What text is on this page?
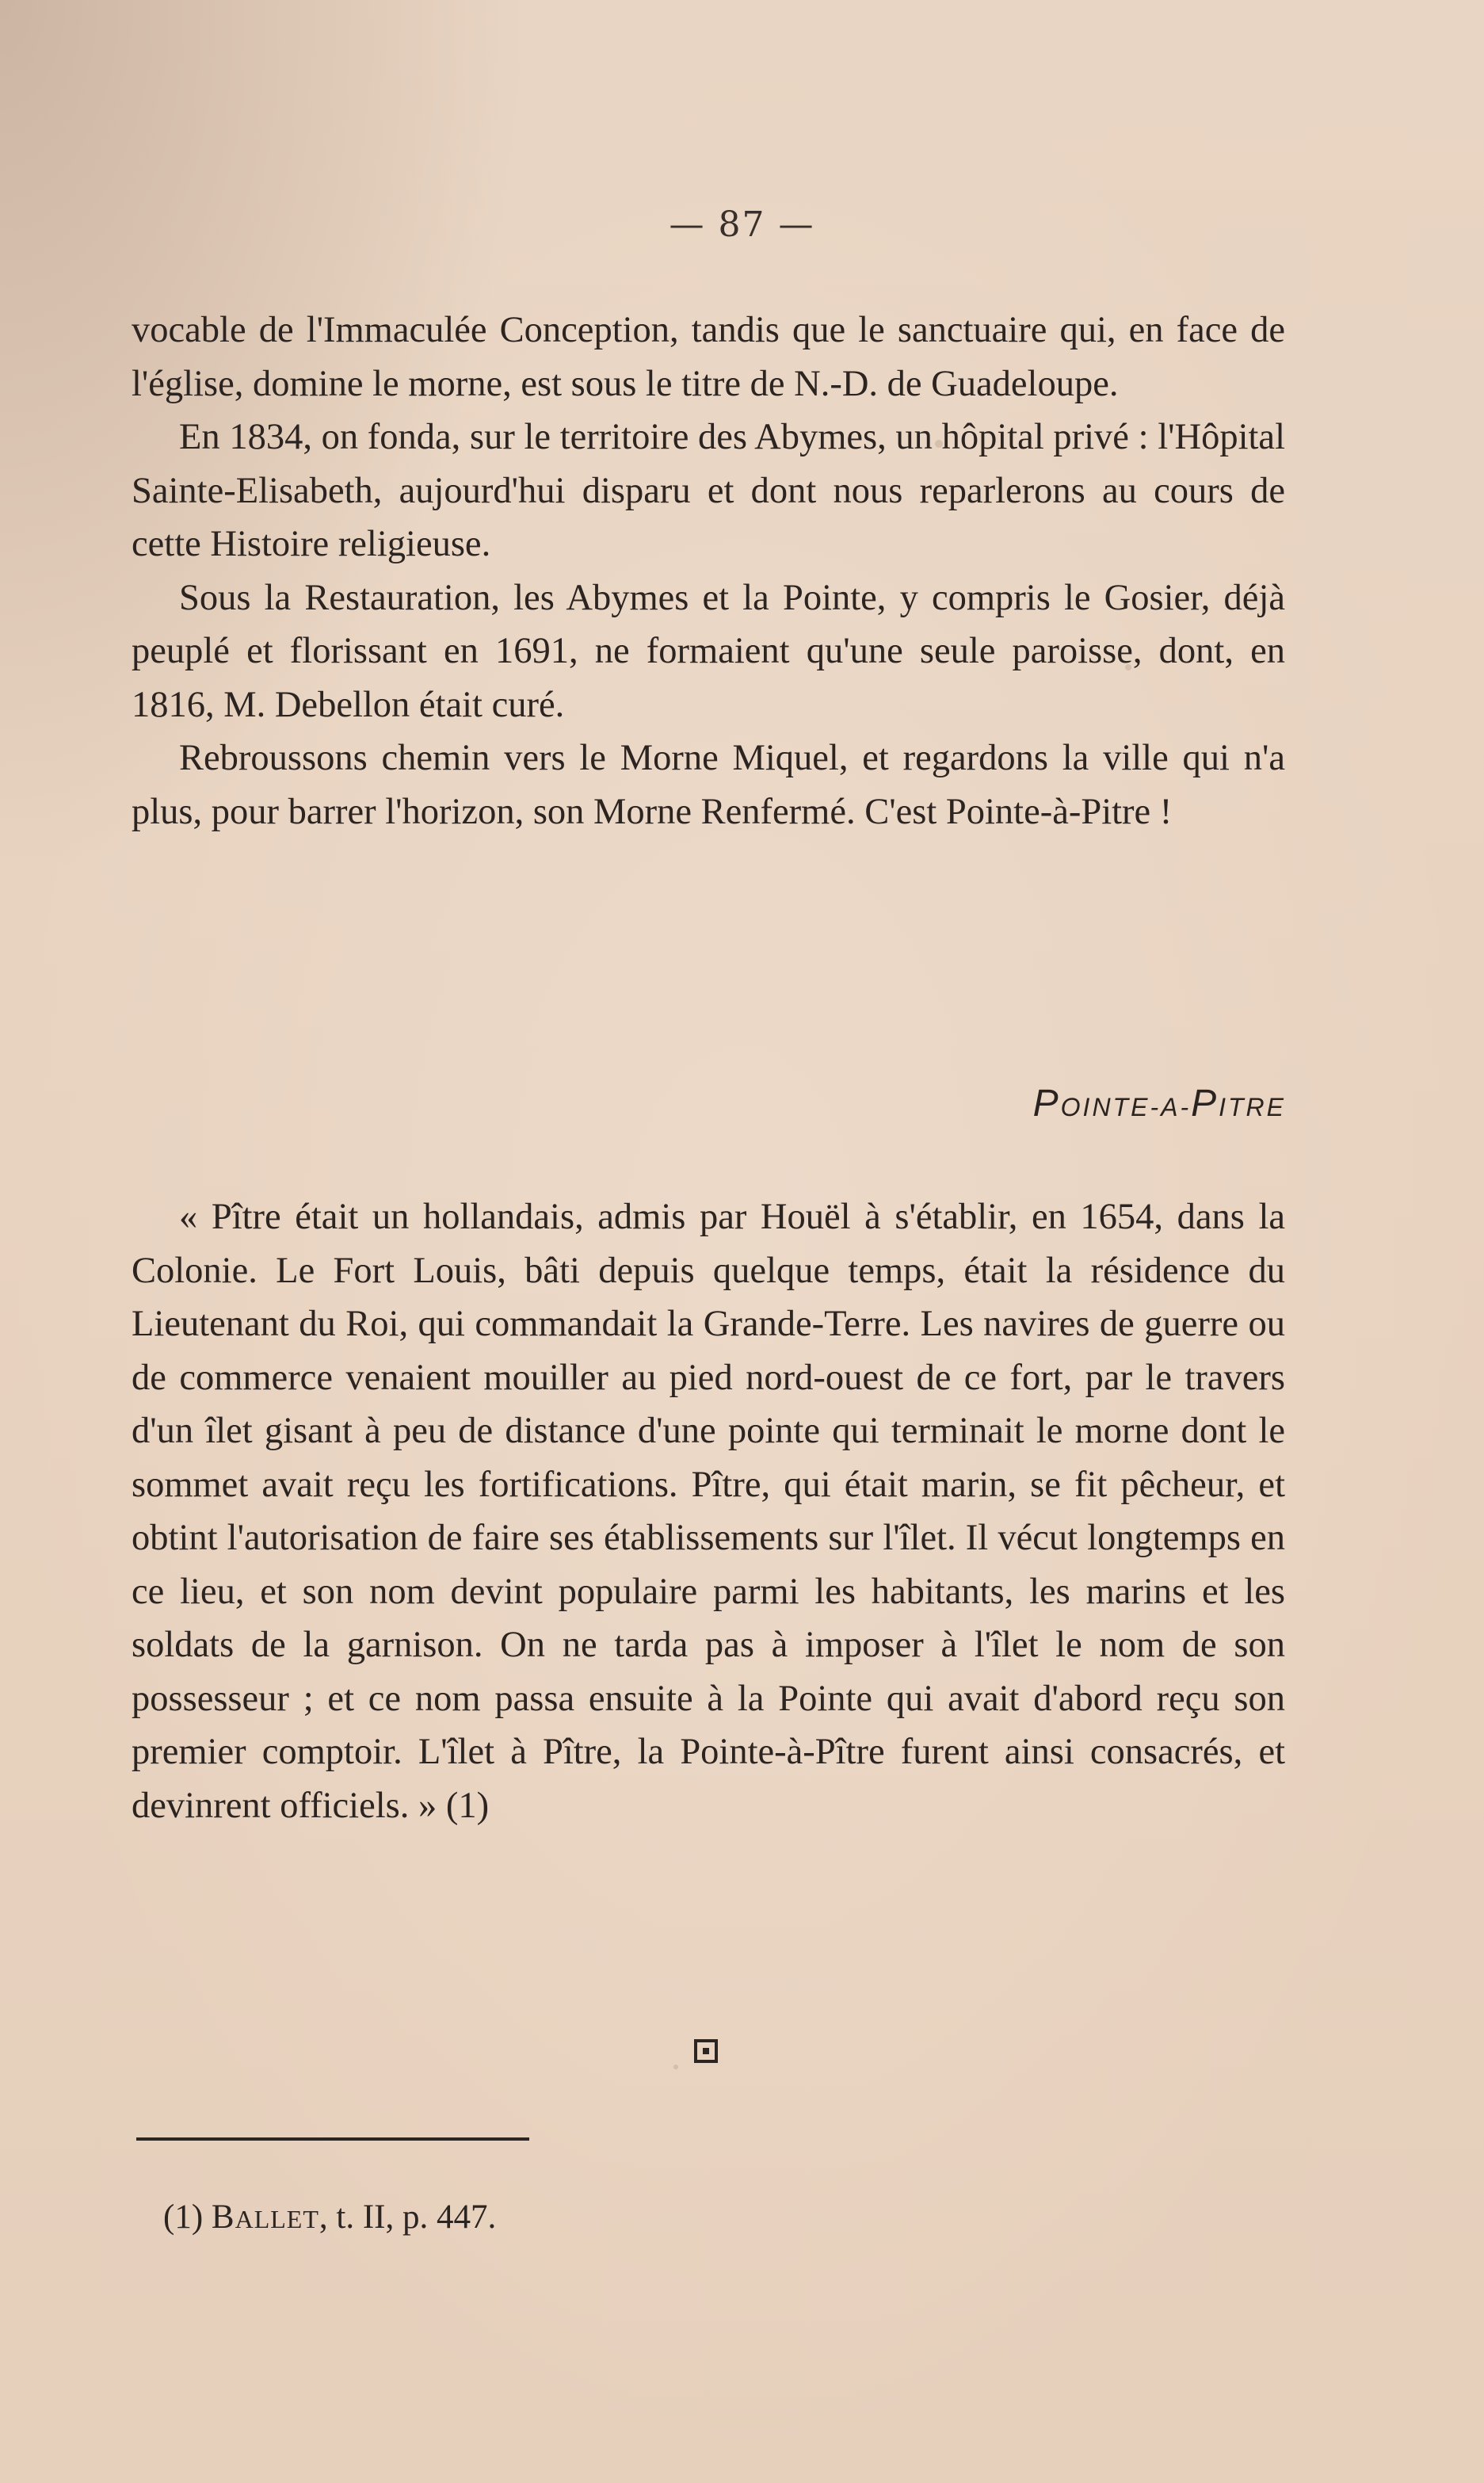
— 87 —

vocable de l'Immaculée Conception, tandis que le sanctuaire qui, en face de l'église, domine le morne, est sous le titre de N.-D. de Guadeloupe.

En 1834, on fonda, sur le territoire des Abymes, un hôpital privé : l'Hôpital Sainte-Elisabeth, aujourd'hui disparu et dont nous reparlerons au cours de cette Histoire religieuse.

Sous la Restauration, les Abymes et la Pointe, y compris le Gosier, déjà peuplé et florissant en 1691, ne formaient qu'une seule paroisse, dont, en 1816, M. Debellon était curé.

Rebroussons chemin vers le Morne Miquel, et regardons la ville qui n'a plus, pour barrer l'horizon, son Morne Renfermé. C'est Pointe-à-Pitre !

POINTE-A-PITRE

« Pître était un hollandais, admis par Houël à s'établir, en 1654, dans la Colonie. Le Fort Louis, bâti depuis quelque temps, était la résidence du Lieutenant du Roi, qui commandait la Grande-Terre. Les navires de guerre ou de commerce venaient mouiller au pied nord-ouest de ce fort, par le travers d'un îlet gisant à peu de distance d'une pointe qui terminait le morne dont le sommet avait reçu les fortifications. Pître, qui était marin, se fit pêcheur, et obtint l'autorisation de faire ses établissements sur l'îlet. Il vécut longtemps en ce lieu, et son nom devint populaire parmi les habitants, les marins et les soldats de la garnison. On ne tarda pas à imposer à l'îlet le nom de son possesseur ; et ce nom passa ensuite à la Pointe qui avait d'abord reçu son premier comptoir. L'îlet à Pître, la Pointe-à-Pître furent ainsi consacrés, et devinrent officiels. » (1)

(1) BALLET, t. II, p. 447.
